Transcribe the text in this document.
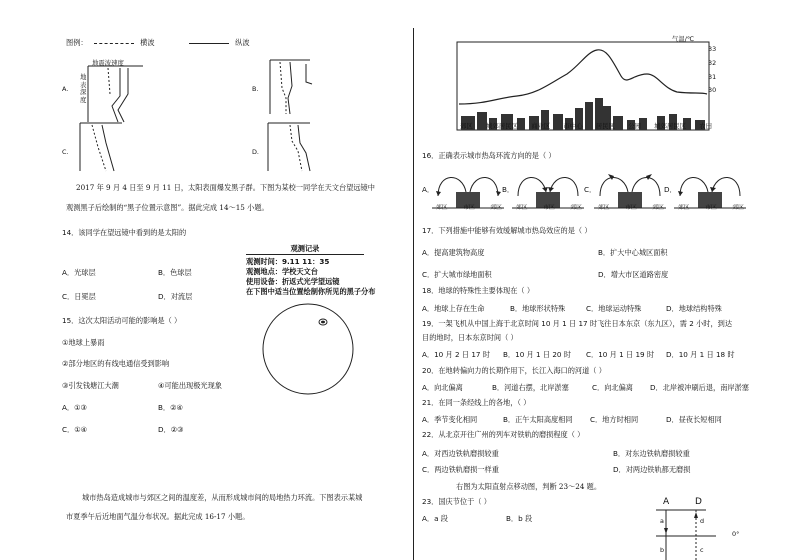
图例：	横波	纵波
A.
地震波速度
地表深度
B.
C.	D.
2017 年 9 月 4 日至 9 月 11 日，太阳表面爆发黑子群。下图为某校一同学在天文台望远镜中
观测黑子后绘制的“黑子位置示意图”。据此完成 14～15 小题。
14．该同学在望远镜中看到的是太阳的
A．光球层	B．色球层
C．日冕层	D．对流层
观测记录
观测时间：9.11 11：35
观测地点：学校天文台
使用设备：折返式光学望远镜
在下图中适当位置绘制你所见的黑子分布
15．这次太阳活动可能的影响是（ ）
①地球上暴雨
②部分地区的有线电通信受到影响
③引发钱塘江大潮	④可能出现极光现象
A．①③	B．②④
C．①④	D．②③
城市热岛造成城市与郊区之间的温度差，从而形成城市间的局地热力环流。下图表示某城
市夏季午后近地面气温分布状况。据此完成 16-17 小题。
气温/℃
33
32
31
30
郊区 城郊居民区 商业区 市中心 居民区 公园 城郊居民区 农田
16．正确表示城市热岛环流方向的是（ ）
A．	B．	C．	D．
郊区	市区	郊区 郊区	市区	郊区	郊区	市区	郊区 郊区	市区	郊区
17．下列措施中能够有效缓解城市热岛效应的是（ ）
A．提高建筑物高度	B．扩大中心城区面积
C．扩大城市绿地面积	D．增大市区道路密度
18．地球的特殊性主要体现在（ ）
A．地球上存在生命	B．地球形状特殊	C．地球运动特殊	D．地球结构特殊
19．一架飞机从中国上海于北京时间 10 月 1 日 17 时飞往日本东京（东九区），需 2 小时，到达
目的地时，日本东京时间（ ）
A．10 月 2 日 17 时 B．10 月 1 日 20 时 C．10 月 1 日 19 时 D．10 月 1 日 18 时
20．在地转偏向力的长期作用下，长江入海口的河道（ ）
A．向北偏离	B．河道右摆，北岸淤塞	C．向北偏离 D．北岸被冲刷后退，南岸淤塞
21．在同一条经线上的各地，（ ）
A．季节变化相同	B．正午太阳高度相同 C．地方时相同	D．昼夜长短相同
22．从北京开往广州的列车对铁轨的磨损程度（ ）
A．对西边铁轨磨损较重	B．对东边铁轨磨损较重
C．两边铁轨磨损一样重	D．对两边铁轨都无磨损
右图为太阳直射点移动图，判断 23～24 题。
23．国庆节位于（ ）
A．a 段	B．b 段
A	D
a	d
b	c
0°
